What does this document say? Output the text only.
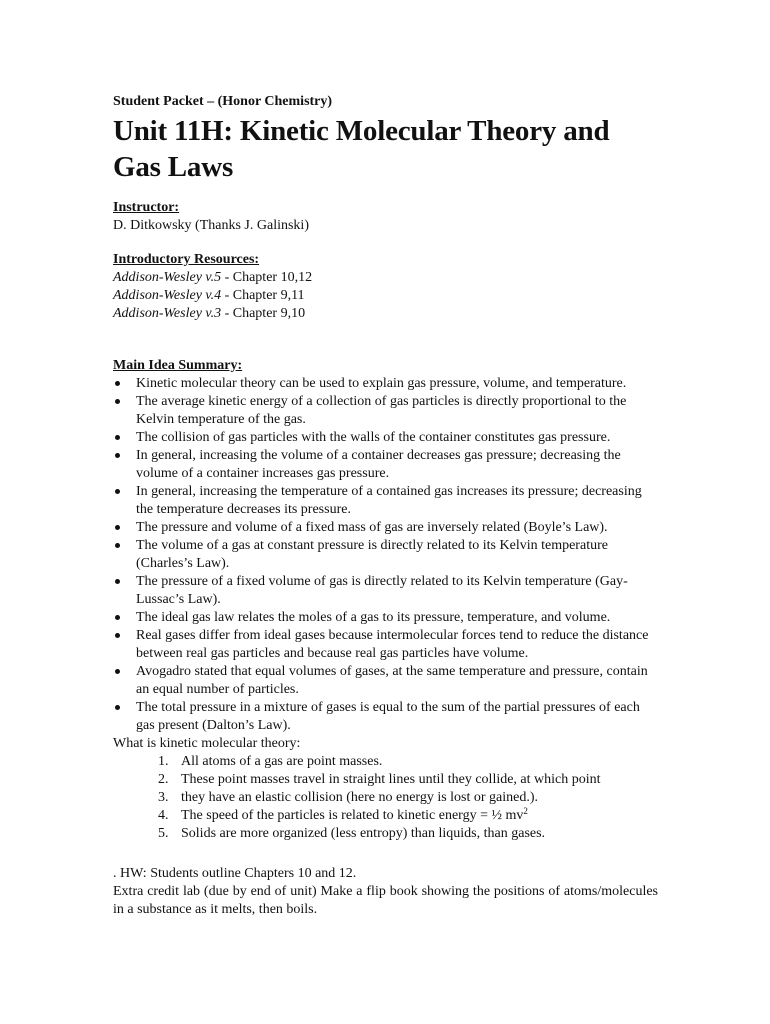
Student Packet – (Honor Chemistry)

Unit 11H: Kinetic Molecular Theory and Gas Laws

Instructor:

D. Ditkowsky (Thanks J. Galinski)

Introductory Resources:

Addison-Wesley v.5 - Chapter 10,12

Addison-Wesley v.4 - Chapter 9,11

Addison-Wesley v.3 - Chapter 9,10

Main Idea Summary:

Kinetic molecular theory can be used to explain gas pressure, volume, and temperature.
The average kinetic energy of a collection of gas particles is directly proportional to the Kelvin temperature of the gas.
The collision of gas particles with the walls of the container constitutes gas pressure.
In general, increasing the volume of a container decreases gas pressure; decreasing the volume of a container increases gas pressure.
In general, increasing the temperature of a contained gas increases its pressure; decreasing the temperature decreases its pressure.
The pressure and volume of a fixed mass of gas are inversely related (Boyle’s Law).
The volume of a gas at constant pressure is directly related to its Kelvin temperature (Charles’s Law).
The pressure of a fixed volume of gas is directly related to its Kelvin temperature (Gay-Lussac’s Law).
The ideal gas law relates the moles of a gas to its pressure, temperature, and volume.
Real gases differ from ideal gases because intermolecular forces tend to reduce the distance between real gas particles and because real gas particles have volume.
Avogadro stated that equal volumes of gases, at the same temperature and pressure, contain an equal number of particles.
The total pressure in a mixture of gases is equal to the sum of the partial pressures of each gas present (Dalton’s Law).

What is kinetic molecular theory:

1. All atoms of a gas are point masses.
2. These point masses travel in straight lines until they collide, at which point
3. they have an elastic collision (here no energy is lost or gained.).
4. The speed of the particles is related to kinetic energy = ½ $mv^2$
5. Solids are more organized (less entropy) than liquids, than gases.

. HW: Students outline Chapters 10 and 12.

Extra credit lab (due by end of unit) Make a flip book showing the positions of atoms/molecules in a substance as it melts, then boils.
